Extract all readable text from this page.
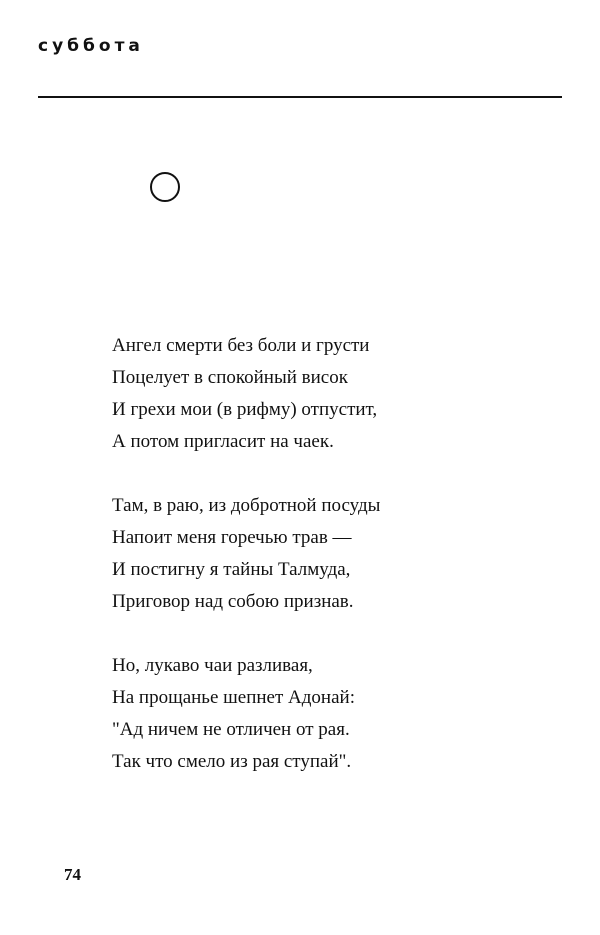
суббота
Ангел смерти без боли и грусти
Поцелует в спокойный висок
И грехи мои (в рифму) отпустит,
А потом пригласит на чаек.
Там, в раю, из добротной посуды
Напоит меня горечью трав —
И постигну я тайны Талмуда,
Приговор над собою признав.
Но, лукаво чаи разливая,
На прощанье шепнет Адонай:
"Ад ничем не отличен от рая.
Так что смело из рая ступай".
74
